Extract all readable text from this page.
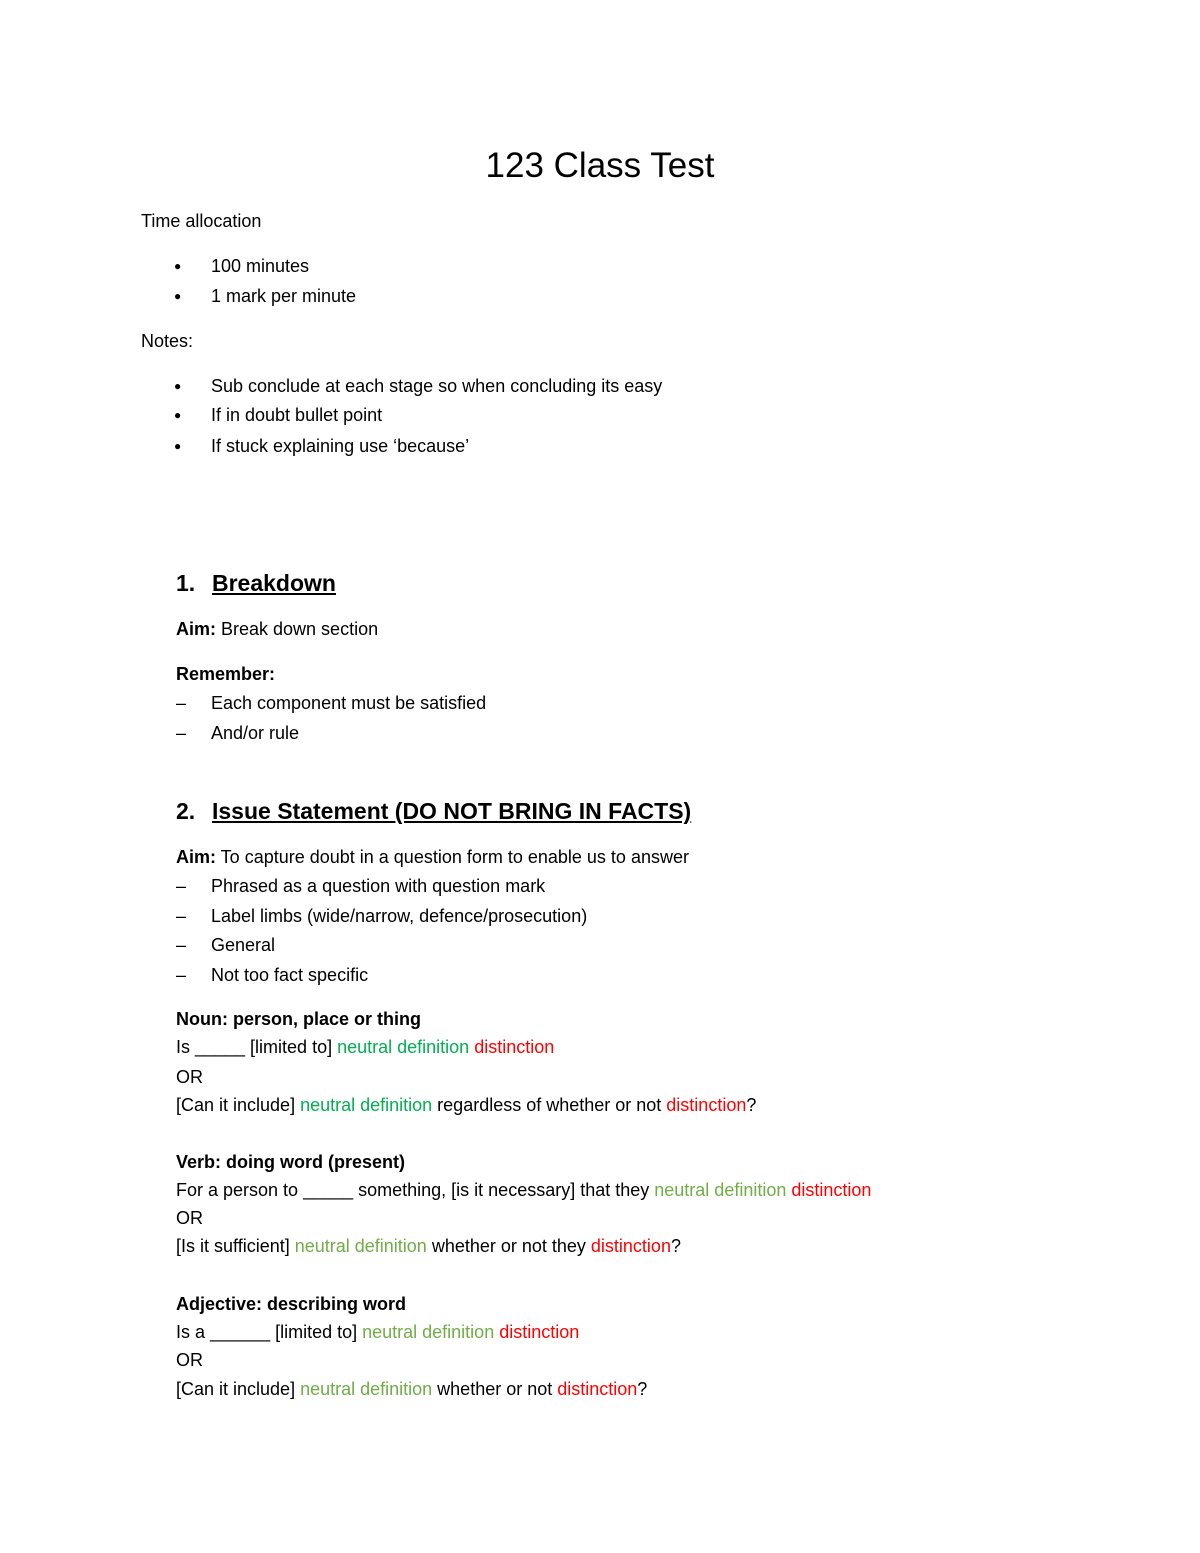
123 Class Test
Time allocation
● 100 minutes
● 1 mark per minute
Notes:
● Sub conclude at each stage so when concluding its easy
● If in doubt bullet point
● If stuck explaining use ‘because’
1. Breakdown
Aim: Break down section
Remember:
– Each component must be satisfied
– And/or rule
2. Issue Statement (DO NOT BRING IN FACTS)
Aim: To capture doubt in a question form to enable us to answer
– Phrased as a question with question mark
– Label limbs (wide/narrow, defence/prosecution)
– General
– Not too fact specific
Noun: person, place or thing
Is _____ [limited to] neutral definition distinction
OR
[Can it include] neutral definition regardless of whether or not distinction?
Verb: doing word (present)
For a person to _____ something, [is it necessary] that they neutral definition distinction
OR
[Is it sufficient] neutral definition whether or not they distinction?
Adjective: describing word
Is a ______ [limited to] neutral definition distinction
OR
[Can it include] neutral definition whether or not distinction?
